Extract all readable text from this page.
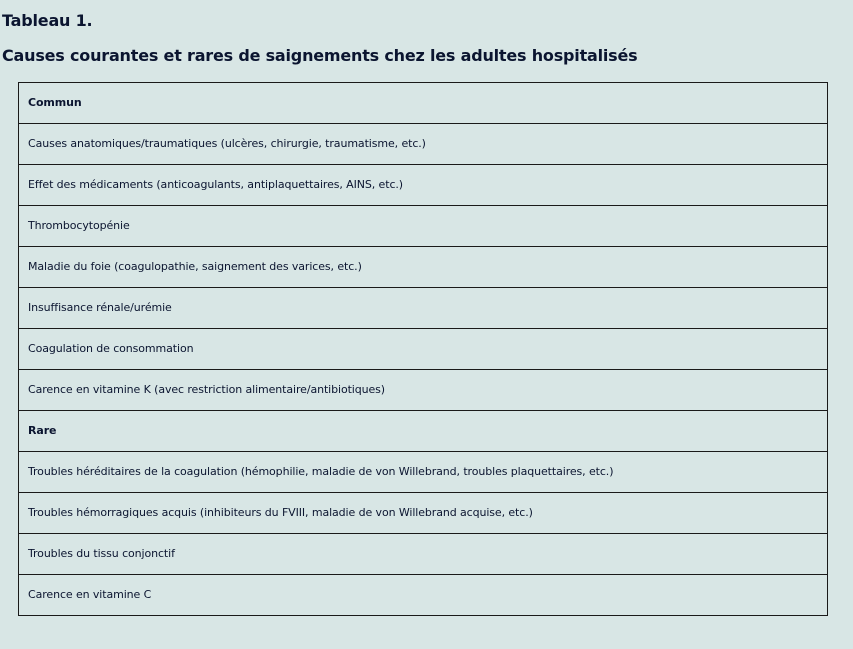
Tableau 1.
Causes courantes et rares de saignements chez les adultes hospitalisés
Commun
Causes anatomiques/traumatiques (ulcères, chirurgie, traumatisme, etc.)
Effet des médicaments (anticoagulants, antiplaquettaires, AINS, etc.)
Thrombocytopénie
Maladie du foie (coagulopathie, saignement des varices, etc.)
Insuffisance rénale/urémie
Coagulation de consommation
Carence en vitamine K (avec restriction alimentaire/antibiotiques)
Rare
Troubles héréditaires de la coagulation (hémophilie, maladie de von Willebrand, troubles plaquettaires, etc.)
Troubles hémorragiques acquis (inhibiteurs du FVIII, maladie de von Willebrand acquise, etc.)
Troubles du tissu conjonctif
Carence en vitamine C
